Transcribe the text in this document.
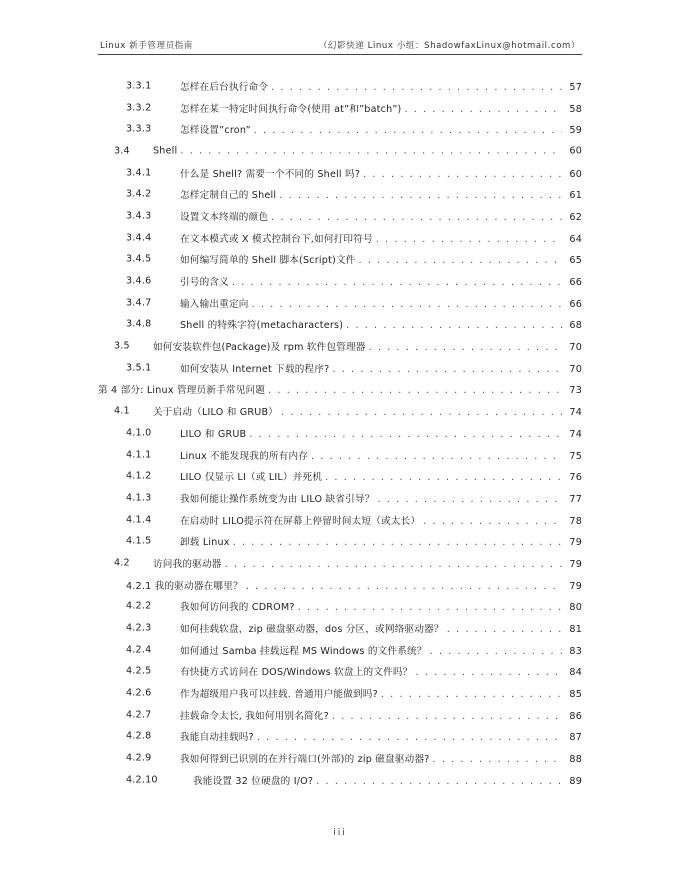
Linux 新手管理员指南	（幻影快递 Linux 小组：ShadowfaxLinux@hotmail.com）
3.3.1	怎样在后台执行命令 . . .	57
3.3.2	怎样在某一特定时间执行命令(使用 at”和”batch”) . . .	58
3.3.3	怎样设置”cron” . . .	59
3.4 Shell . . .	60
3.4.1	什么是 Shell? 需要一个不同的 Shell 吗? . . .	60
3.4.2	怎样定制自己的 Shell . . .	61
3.4.3	设置文本终端的颜色 . . .	62
3.4.4	在文本模式或 X 模式控制台下,如何打印符号 . . .	64
3.4.5	如何编写简单的 Shell 脚本(Script)文件 . . .	65
3.4.6	引号的含义 . . .	66
3.4.7	输入输出重定向 . . .	66
3.4.8	Shell 的特殊字符(metacharacters) . . .	68
3.5 如何安装软件包(Package)及 rpm 软件包管理器 . . .	70
3.5.1	如何安装从 Internet 下载的程序? . . .	70
第 4 部分: Linux 管理员新手常见问题 . . .	73
4.1 关于启动（LILO 和 GRUB） . . .	74
4.1.0	LILO 和 GRUB . . .	74
4.1.1	Linux 不能发现我的所有内存 . . .	75
4.1.2	LILO 仅显示 LI（或 LIL）并死机 . . .	76
4.1.3	我如何能让操作系统变为由 LILO 缺省引导？ . . .	77
4.1.4	在启动时 LILO提示符在屏幕上停留时间太短（或太长） . . .	78
4.1.5	卸载 Linux . . .	79
4.2 访问我的驱动器 . . .	79
4.2.1 我的驱动器在哪里？ . . .	79
4.2.2	我如何访问我的 CDROM? . . .	80
4.2.3	如何挂载软盘，zip 磁盘驱动器，dos 分区，或网络驱动器？ . . .	81
4.2.4	如何通过 Samba 挂载远程 MS Windows 的文件系统？ . . .	83
4.2.5	有快捷方式访问在 DOS/Windows 软盘上的文件吗？ . . .	84
4.2.6	作为超级用户我可以挂载. 普通用户能做到吗? . . .	85
4.2.7	挂载命令太长, 我如何用别名简化? . . .	86
4.2.8	我能自动挂载吗? . . .	87
4.2.9	我如何得到已识别的在并行端口(外部)的 zip 磁盘驱动器? . . .	88
4.2.10	我能设置 32 位硬盘的 I/O? . . .	89
iii
